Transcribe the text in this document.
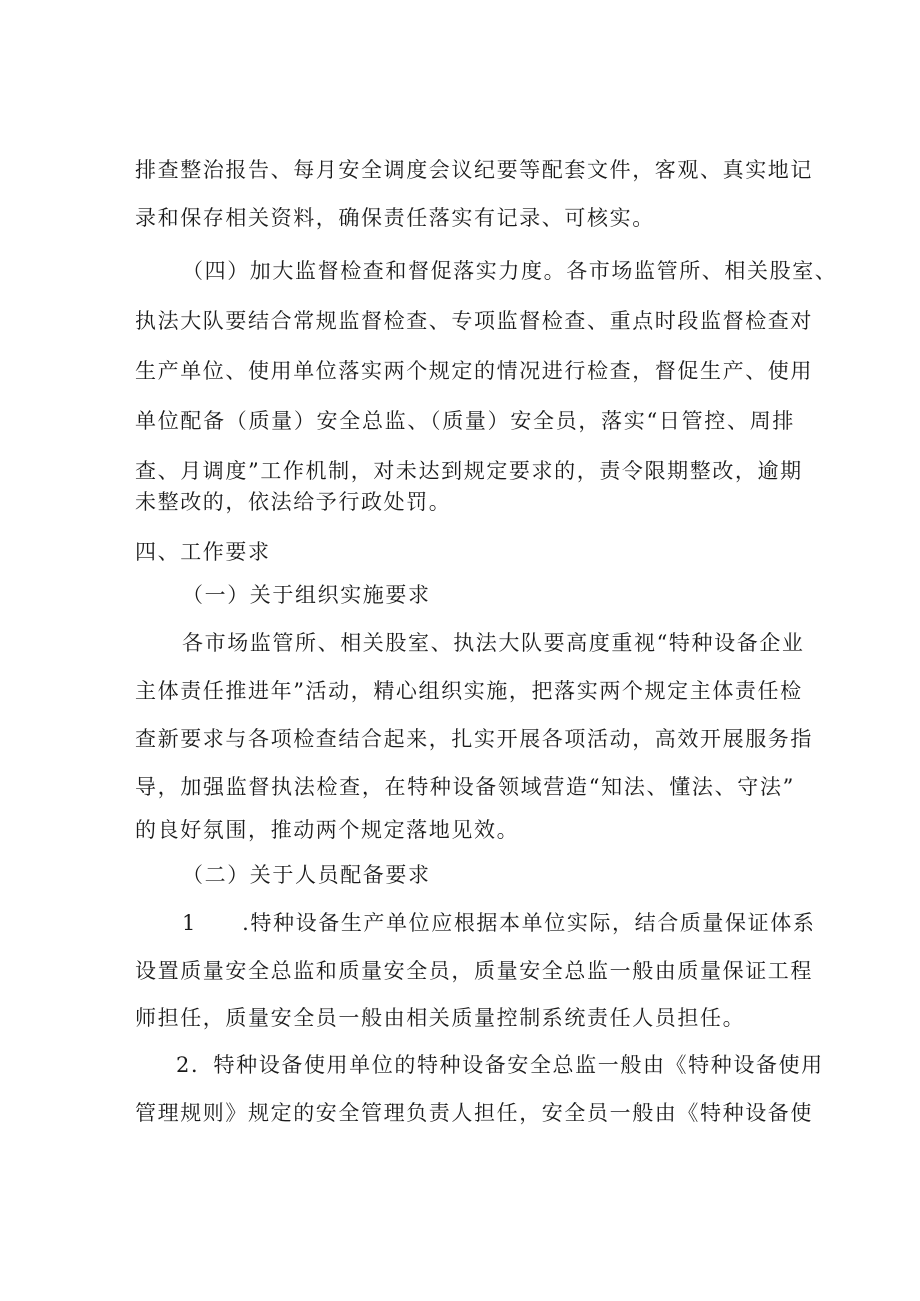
排查整治报告、每月安全调度会议纪要等配套文件，客观、真实地记
录和保存相关资料，确保责任落实有记录、可核实。
（四）加大监督检查和督促落实力度。各市场监管所、相关股室、
执法大队要结合常规监督检查、专项监督检查、重点时段监督检查对
生产单位、使用单位落实两个规定的情况进行检查，督促生产、使用
单位配备（质量）安全总监、（质量）安全员，落实“日管控、周排
查、月调度”工作机制，对未达到规定要求的，责令限期整改，逾期
未整改的，依法给予行政处罚。
四、工作要求
（一）关于组织实施要求
各市场监管所、相关股室、执法大队要高度重视“特种设备企业
主体责任推进年”活动，精心组织实施，把落实两个规定主体责任检
查新要求与各项检查结合起来，扎实开展各项活动，高效开展服务指
导，加强监督执法检查，在特种设备领域营造“知法、懂法、守法”
的良好氛围，推动两个规定落地见效。
（二）关于人员配备要求
1　　.特种设备生产单位应根据本单位实际，结合质量保证体系
设置质量安全总监和质量安全员，质量安全总监一般由质量保证工程
师担任，质量安全员一般由相关质量控制系统责任人员担任。
2．特种设备使用单位的特种设备安全总监一般由《特种设备使用
管理规则》规定的安全管理负责人担任，安全员一般由《特种设备使
